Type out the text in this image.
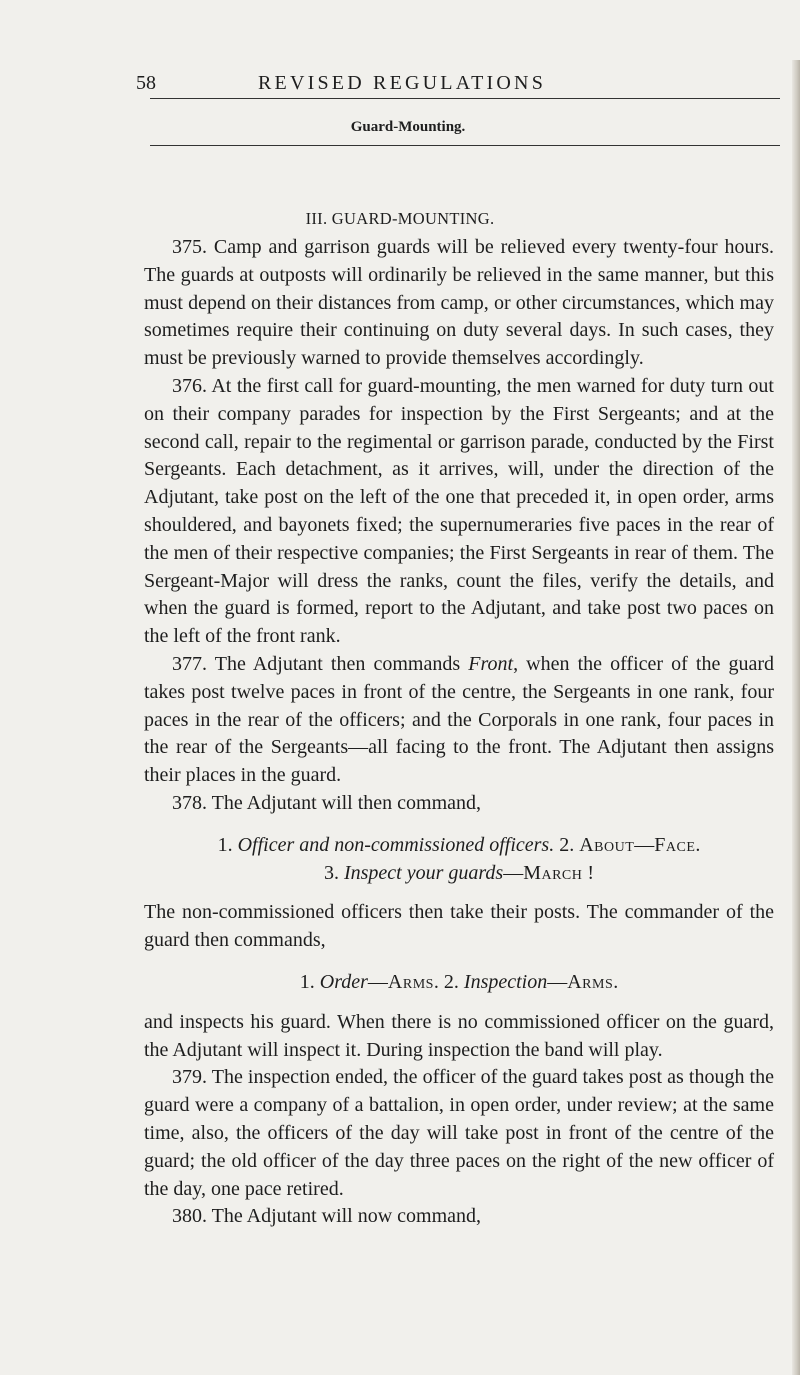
58	REVISED REGULATIONS
Guard-Mounting.
III. GUARD-MOUNTING.

375. Camp and garrison guards will be relieved every twenty-four hours. The guards at outposts will ordinarily be relieved in the same manner, but this must depend on their distances from camp, or other circumstances, which may sometimes require their continuing on duty several days. In such cases, they must be previously warned to provide themselves accordingly.

376. At the first call for guard-mounting, the men warned for duty turn out on their company parades for inspection by the First Sergeants; and at the second call, repair to the regimental or garrison parade, conducted by the First Sergeants. Each detachment, as it arrives, will, under the direction of the Adjutant, take post on the left of the one that preceded it, in open order, arms shouldered, and bayonets fixed; the supernumeraries five paces in the rear of the men of their respective companies; the First Sergeants in rear of them. The Sergeant-Major will dress the ranks, count the files, verify the details, and when the guard is formed, report to the Adjutant, and take post two paces on the left of the front rank.

377. The Adjutant then commands Front, when the officer of the guard takes post twelve paces in front of the centre, the Sergeants in one rank, four paces in the rear of the officers; and the Corporals in one rank, four paces in the rear of the Sergeants—all facing to the front. The Adjutant then assigns their places in the guard.

378. The Adjutant will then command,

1. Officer and non-commissioned officers. 2. About—Face.
3. Inspect your guards—March !

The non-commissioned officers then take their posts. The commander of the guard then commands,

1. Order—Arms. 2. Inspection—Arms.

and inspects his guard. When there is no commissioned officer on the guard, the Adjutant will inspect it. During inspection the band will play.

379. The inspection ended, the officer of the guard takes post as though the guard were a company of a battalion, in open order, under review; at the same time, also, the officers of the day will take post in front of the centre of the guard; the old officer of the day three paces on the right of the new officer of the day, one pace retired.

380. The Adjutant will now command,
